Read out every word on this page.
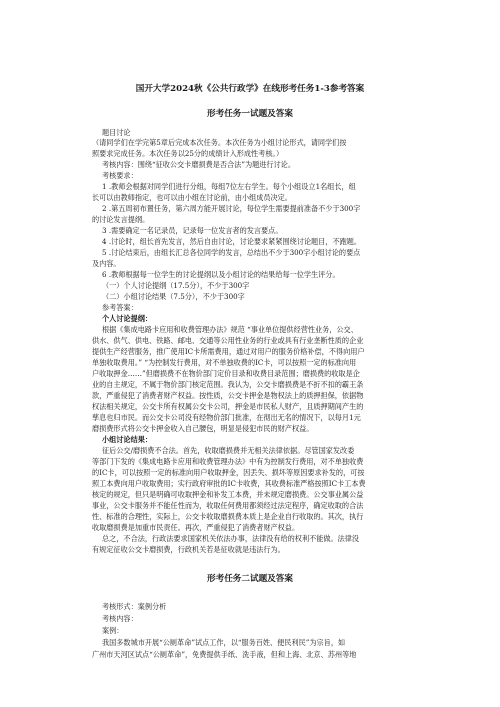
国开大学2024秋《公共行政学》在线形考任务1-3参考答案
形考任务一试题及答案
题目讨论
（请同学们在学完第5章后完成本次任务。本次任务为小组讨论形式，请同学们按
照要求完成任务。本次任务以25分的成绩计入形成性考核。）
考核内容：围绕“征收公交卡磨损费是否合法”为题进行讨论。
考核要求：
1 .教师会根据对同学们进行分组，每组7位左右学生。每个小组设立1名组长，组
长可以由教师指定，也可以由小组在讨论前，由小组成员决定。
2 .第五周初布置任务，第六周方能开展讨论，每位学生需要提前准备不少于300字
的讨论发言提纲。
3 .需要确定一名记录员，记录每一位发言者的发言要点。
4 .讨论时，组长首先发言，然后自由讨论，讨论要求紧紧围绕讨论题目，不跑题。
5 .讨论结束后，由组长汇总各位同学的发言，总结出不少于300字小组讨论的要点
及内容。
6 .教师根据每一位学生的讨论提纲以及小组讨论的结果给每一位学生评分。
（一）个人讨论提纲（17.5分），不少于300字
（二）小组讨论结果（7.5分），不少于300字
参考答案：
个人讨论提纲：
根据《集成电路卡应用和收费管理办法》规范 “事业单位提供经营性业务，公交、
供水、供气、供电、铁路、邮电、交通等公用性业务的行业或具有行业垄断性质的企业
提供生产经营服务，推广使用IC卡所需费用，通过对用户的服务价格补偿，不得向用户
单独收取费用。” “为控制发行费用，对不单独收费的IC卡，可以按照一定的标准向用
户收取押金……”但磨损费不在物价部门定价目录和收费目录范围；磨损费的收取是企
业的自主规定，不属于物价部门核定范围。我认为，公交卡磨损费是不折不扣的霸王条
款，严重侵犯了消费者财产权益。按性质，公交卡押金是物权法上的质押担保，依据物
权法相关规定，公交卡所有权属公交卡公司，押金是市民私人财产，且质押期间产生的
孳息也归市民。而公交卡公司没有经物价部门批准，在彻出无名的情况下，以每月1元
磨损费形式将公交卡押金收入自己腰包，明显是侵犯市民的财产权益。
小组讨论结果：
征后公交/磨损费不合法。首先，收取磨损费并无相关法律依据。尽管国家发改委
等部门下发的《集成电路卡应用和收费管理办法》中有为控制发行费用，对不单独收费
的IC卡，可以按照一定的标准向用户收取押金，因丢失、损坏等原因要求补发的，可按
照工本费向用户收取费用；实行政府审批的IC卡收费，其收费标准严格按照IC卡工本费
核定的规定，但只是明确可收取押金和补发工本费，并未规定磨损费。公交事业属公益
事业，公交卡服务并不能任性而为，收取任何费用都须经过法定程序，确定收取的合法
性、标准的合理性，实际上，公交卡收取磨损费本质上是企业自行收取的。其次，执行
收取磨损费是加重市民责任。再次，严重侵犯了消费者财产权益。
总之，不合法，行政法要求国家机关依法办事，法律没有给的权利不能做。法律没
有规定征收公交卡磨损费，行政机关若是征收就是违法行为。
形考任务二试题及答案
考核形式：案例分析
考核内容：
案例：
我国多数城市开展“公厕革命”试点工作，以“服务百姓、便民利民”为宗旨，如
广州市天河区试点“公厕革命”，免费提供手纸、洗手液，但和上海、北京、苏州等地
